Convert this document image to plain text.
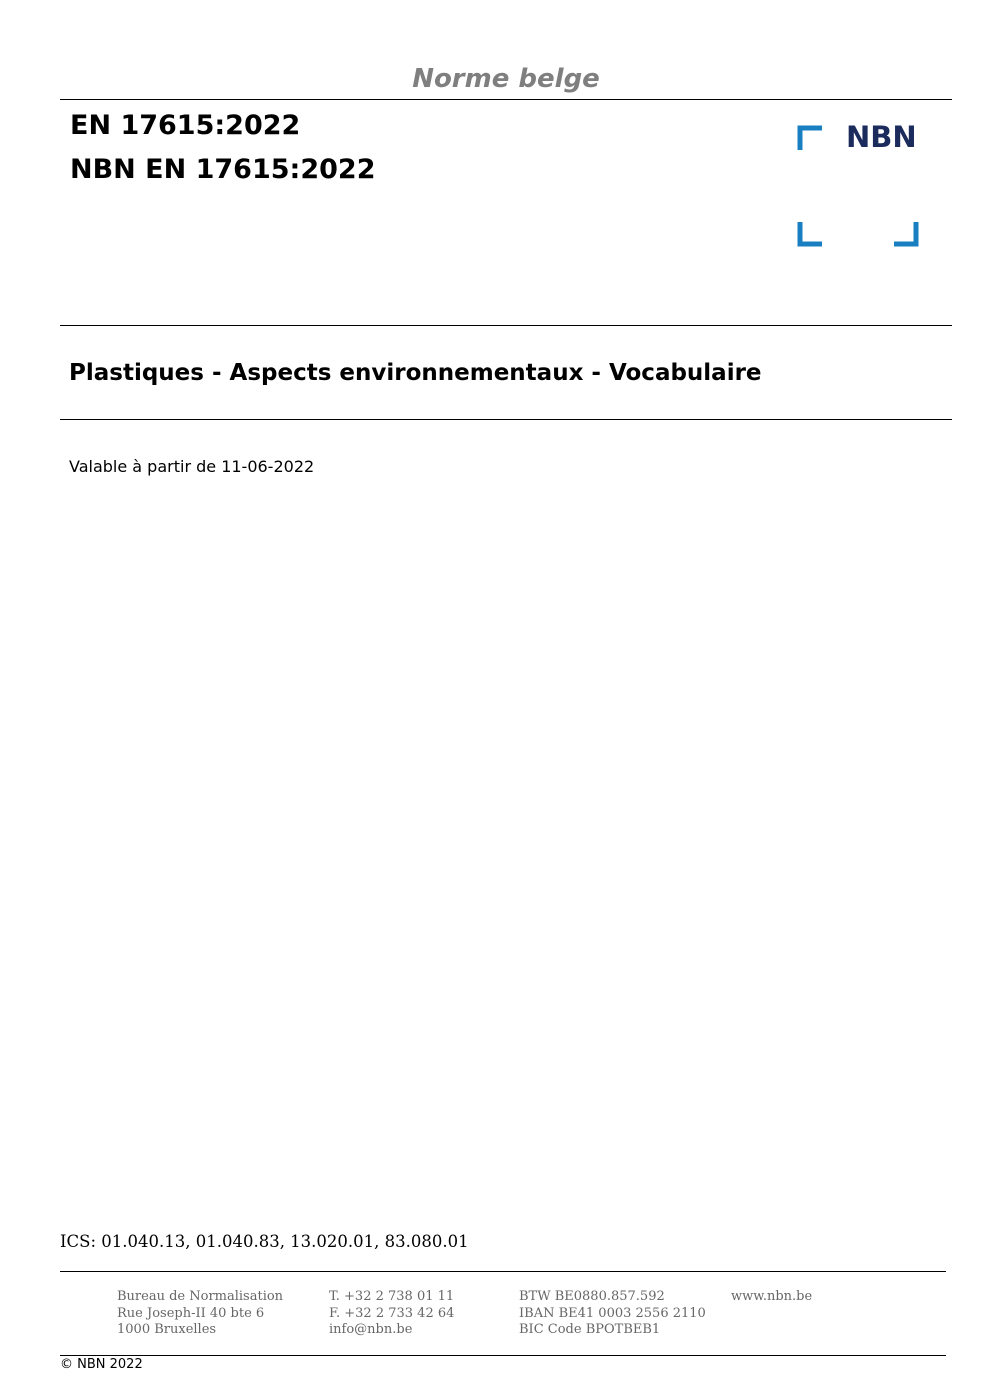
Norme belge
EN 17615:2022
NBN EN 17615:2022
NBN
Plastiques - Aspects environnementaux - Vocabulaire
Valable à partir de 11-06-2022
ICS: 01.040.13, 01.040.83, 13.020.01, 83.080.01
Bureau de Normalisation
Rue Joseph-II 40 bte 6
1000 Bruxelles
T. +32 2 738 01 11
F. +32 2 733 42 64
info@nbn.be
BTW BE0880.857.592
IBAN BE41 0003 2556 2110
BIC Code BPOTBEB1
www.nbn.be
© NBN 2022
